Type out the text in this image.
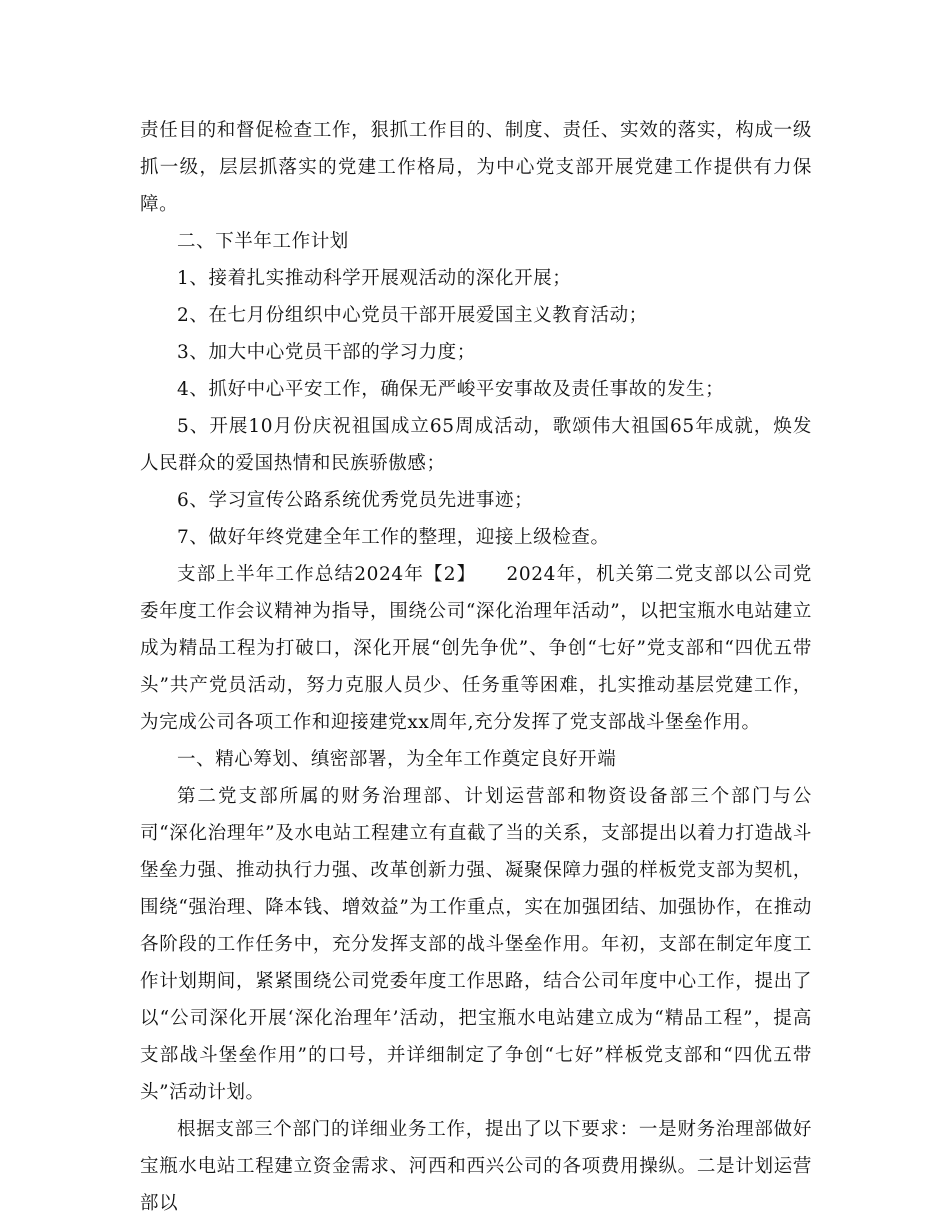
责任目的和督促检查工作，狠抓工作目的、制度、责任、实效的落实，构成一级抓一级，层层抓落实的党建工作格局，为中心党支部开展党建工作提供有力保障。

二、下半年工作计划

1、接着扎实推动科学开展观活动的深化开展；

2、在七月份组织中心党员干部开展爱国主义教育活动；

3、加大中心党员干部的学习力度；

4、抓好中心平安工作，确保无严峻平安事故及责任事故的发生；

5、开展10月份庆祝祖国成立65周成活动，歌颂伟大祖国65年成就，焕发人民群众的爱国热情和民族骄傲感；

6、学习宣传公路系统优秀党员先进事迹；

7、做好年终党建全年工作的整理，迎接上级检查。

支部上半年工作总结2024年【2】　　2024年，机关第二党支部以公司党委年度工作会议精神为指导，围绕公司“深化治理年活动”，以把宝瓶水电站建立成为精品工程为打破口，深化开展“创先争优”、争创“七好”党支部和“四优五带头”共产党员活动，努力克服人员少、任务重等困难，扎实推动基层党建工作，为完成公司各项工作和迎接建党xx周年,充分发挥了党支部战斗堡垒作用。

一、精心筹划、缜密部署，为全年工作奠定良好开端

第二党支部所属的财务治理部、计划运营部和物资设备部三个部门与公司“深化治理年”及水电站工程建立有直截了当的关系，支部提出以着力打造战斗堡垒力强、推动执行力强、改革创新力强、凝聚保障力强的样板党支部为契机，围绕“强治理、降本钱、增效益”为工作重点，实在加强团结、加强协作，在推动各阶段的工作任务中，充分发挥支部的战斗堡垒作用。年初，支部在制定年度工作计划期间，紧紧围绕公司党委年度工作思路，结合公司年度中心工作，提出了以“公司深化开展‘深化治理年’活动，把宝瓶水电站建立成为“精品工程”，提高支部战斗堡垒作用”的口号，并详细制定了争创“七好”样板党支部和“四优五带头”活动计划。

根据支部三个部门的详细业务工作，提出了以下要求：一是财务治理部做好宝瓶水电站工程建立资金需求、河西和西兴公司的各项费用操纵。二是计划运营部以
